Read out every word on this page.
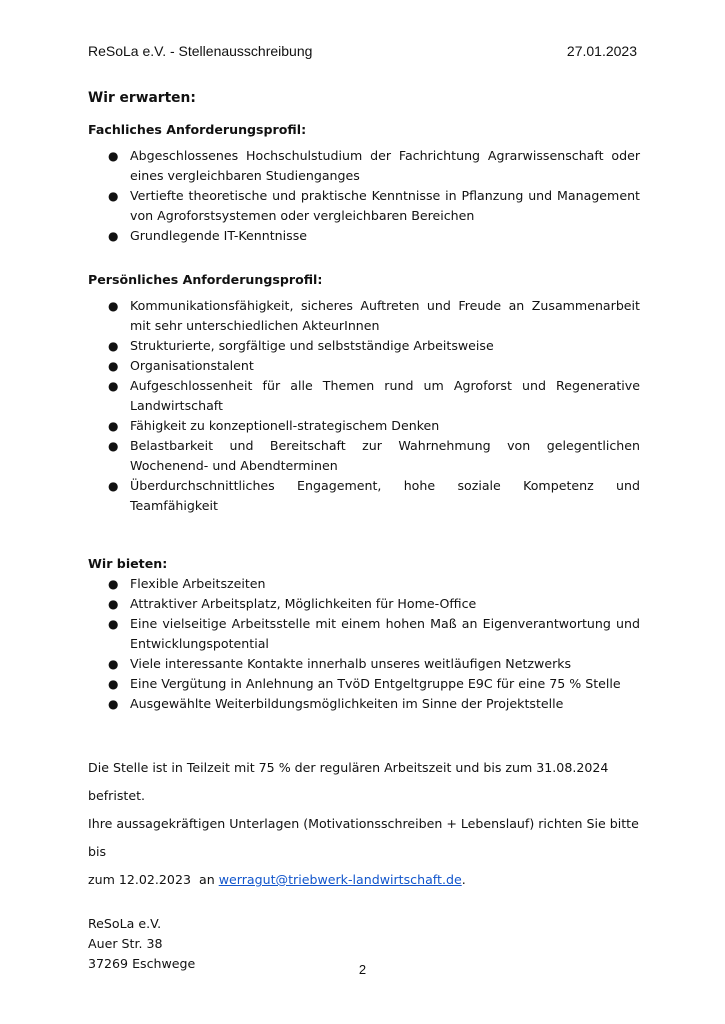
ReSoLa e.V. - Stellenausschreibung	27.01.2023
Wir erwarten:
Fachliches Anforderungsprofil:
● Abgeschlossenes Hochschulstudium der Fachrichtung Agrarwissenschaft oder eines vergleichbaren Studienganges
● Vertiefte theoretische und praktische Kenntnisse in Pflanzung und Management von Agroforstsystemen oder vergleichbaren Bereichen
● Grundlegende IT-Kenntnisse
Persönliches Anforderungsprofil:
● Kommunikationsfähigkeit, sicheres Auftreten und Freude an Zusammenarbeit mit sehr unterschiedlichen AkteurInnen
● Strukturierte, sorgfältige und selbstständige Arbeitsweise
● Organisationstalent
● Aufgeschlossenheit für alle Themen rund um Agroforst und Regenerative Landwirtschaft
● Fähigkeit zu konzeptionell-strategischem Denken
● Belastbarkeit und Bereitschaft zur Wahrnehmung von gelegentlichen Wochenend- und Abendterminen
● Überdurchschnittliches Engagement, hohe soziale Kompetenz und Teamfähigkeit
Wir bieten:
● Flexible Arbeitszeiten
● Attraktiver Arbeitsplatz, Möglichkeiten für Home-Office
● Eine vielseitige Arbeitsstelle mit einem hohen Maß an Eigenverantwortung und Entwicklungspotential
● Viele interessante Kontakte innerhalb unseres weitläufigen Netzwerks
● Eine Vergütung in Anlehnung an TvöD Entgeltgruppe E9C für eine 75 % Stelle
● Ausgewählte Weiterbildungsmöglichkeiten im Sinne der Projektstelle

Die Stelle ist in Teilzeit mit 75 % der regulären Arbeitszeit und bis zum 31.08.2024 befristet.

Ihre aussagekräftigen Unterlagen (Motivationsschreiben + Lebenslauf) richten Sie bitte bis

zum 12.02.2023  an werragut@triebwerk-landwirtschaft.de.

ReSoLa e.V.
Auer Str. 38
37269 Eschwege	2
